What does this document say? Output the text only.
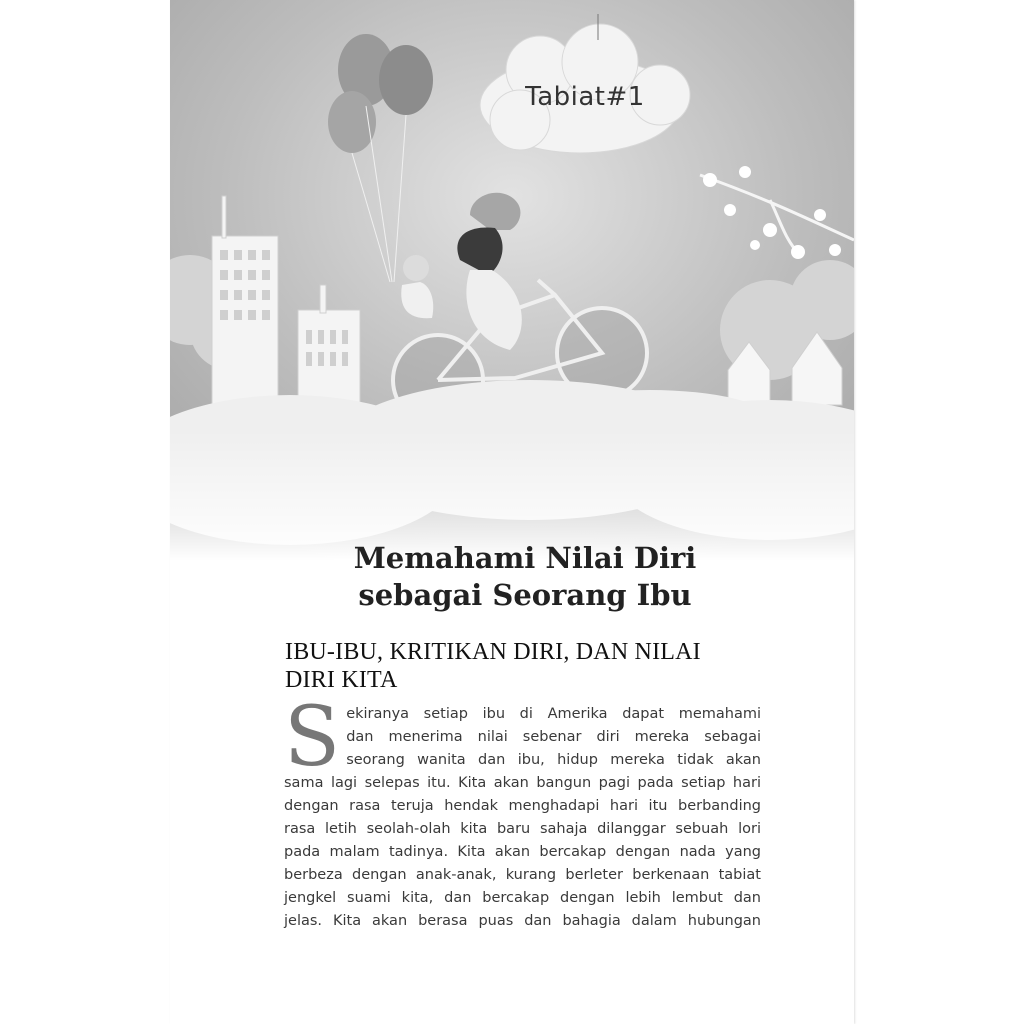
Tabiat#1
Memahami Nilai Diri
sebagai Seorang Ibu
IBU-IBU, KRITIKAN DIRI, DAN NILAI
DIRI KITA
S ekiranya setiap ibu di Amerika dapat memahami
dan menerima nilai sebenar diri mereka sebagai
seorang wanita dan ibu, hidup mereka tidak akan
sama lagi selepas itu. Kita akan bangun pagi pada setiap hari
dengan rasa teruja hendak menghadapi hari itu berbanding
rasa letih seolah-olah kita baru sahaja dilanggar sebuah lori
pada malam tadinya. Kita akan bercakap dengan nada yang
berbeza dengan anak-anak, kurang berleter berkenaan tabiat
jengkel suami kita, dan bercakap dengan lebih lembut dan
jelas. Kita akan berasa puas dan bahagia dalam hubungan
